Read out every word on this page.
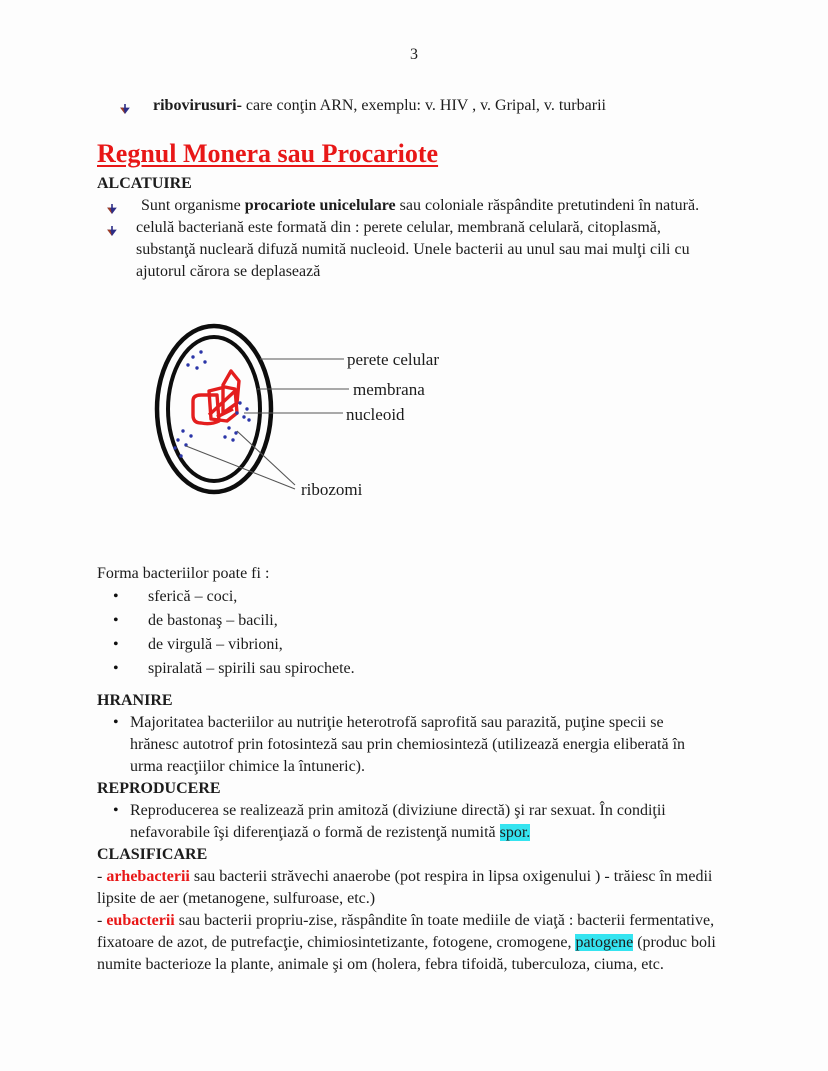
3
ribovirusuri- care conţin ARN, exemplu: v. HIV , v. Gripal, v. turbarii
Regnul Monera sau Procariote

ALCATUIRE

Sunt organisme procariote unicelulare sau coloniale răspândite pretutindeni în natură.
celulă bacteriană este formată din : perete celular, membrană celulară, citoplasmă,
substanţă nucleară difuză numită nucleoid. Unele bacterii au unul sau mai mulţi cili cu
ajutorul cărora se deplasează
perete celular
membrana
nucleoid
ribozomi

Forma bacteriilor poate fi :

• sferică – coci,
• de bastonaş – bacili,
• de virgulă – vibrioni,
• spiralată – spirili sau spirochete.

HRANIRE

• Majoritatea bacteriilor au nutriţie heterotrofă saprofită sau parazită, puţine specii se
hrănesc autotrof prin fotosinteză sau prin chemiosinteză (utilizează energia eliberată în
urma reacţiilor chimice la întuneric).

REPRODUCERE

• Reproducerea se realizează prin amitoză (diviziune directă) şi rar sexuat. În condiţii
nefavorabile îşi diferenţiază o formă de rezistenţă numită spor.

CLASIFICARE

- arhebacterii sau bacterii străvechi anaerobe (pot respira in lipsa oxigenului ) - trăiesc în medii
lipsite de aer (metanogene, sulfuroase, etc.)

- eubacterii sau bacterii propriu-zise, răspândite în toate mediile de viaţă : bacterii fermentative,
fixatoare de azot, de putrefacţie, chimiosintetizante, fotogene, cromogene, patogene (produc boli
numite bacterioze la plante, animale şi om (holera, febra tifoidă, tuberculoza, ciuma, etc.
